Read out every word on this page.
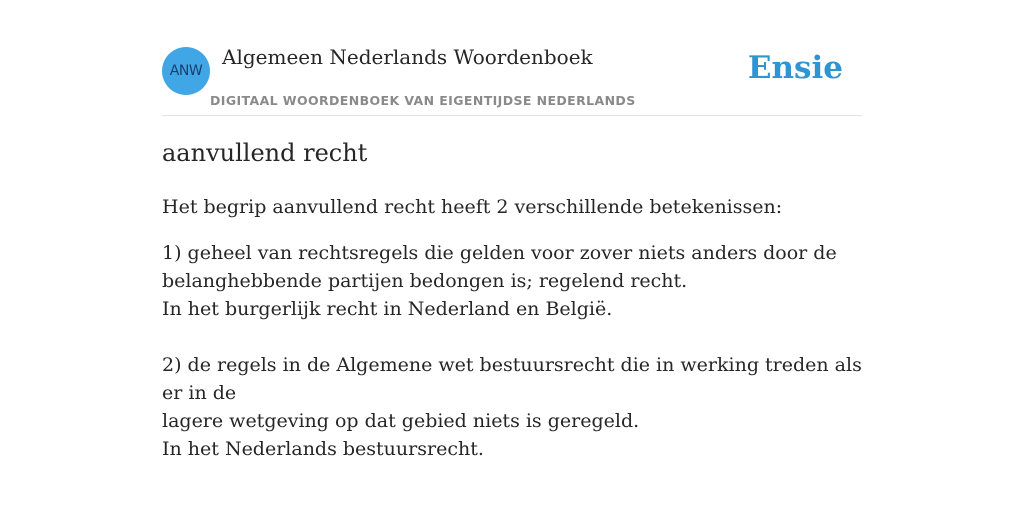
ANW
Algemeen Nederlands Woordenboek
DIGITAAL WOORDENBOEK VAN EIGENTIJDSE NEDERLANDS
Ensie
aanvullend recht

Het begrip aanvullend recht heeft 2 verschillende betekenissen:

1) geheel van rechtsregels die gelden voor zover niets anders door de

belanghebbende partijen bedongen is; regelend recht.

In het burgerlijk recht in Nederland en België.

2) de regels in de Algemene wet bestuursrecht die in werking treden als er in de

lagere wetgeving op dat gebied niets is geregeld.

In het Nederlands bestuursrecht.
